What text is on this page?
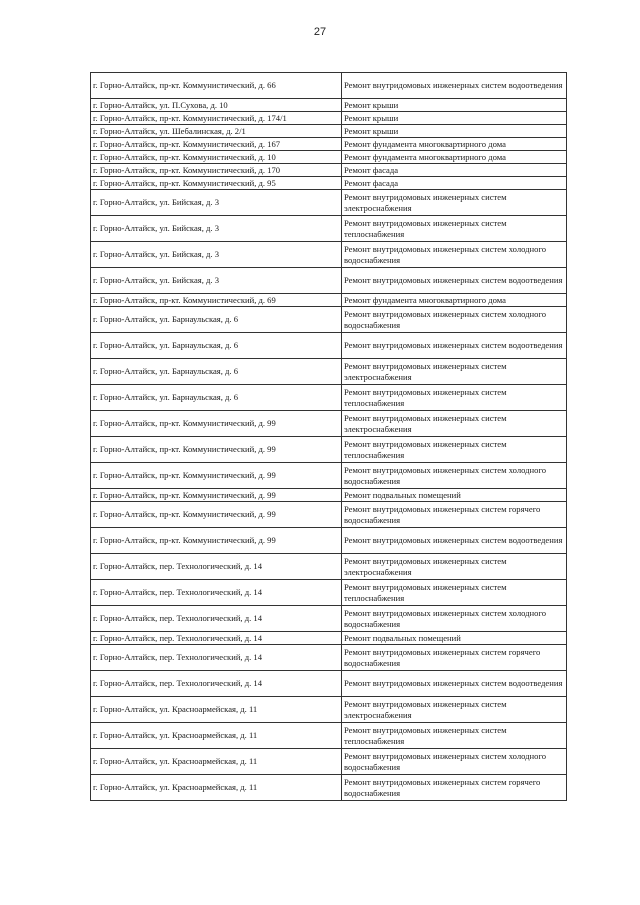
27
г. Горно-Алтайск, пр-кт. Коммунистический, д. 66	Ремонт внутридомовых инженерных систем водоотведения
г. Горно-Алтайск, ул. П.Сухова, д. 10	Ремонт крыши
г. Горно-Алтайск, пр-кт. Коммунистический, д. 174/1	Ремонт крыши
г. Горно-Алтайск, ул. Шебалинская, д. 2/1	Ремонт крыши
г. Горно-Алтайск, пр-кт. Коммунистический, д. 167	Ремонт фундамента многоквартирного дома
г. Горно-Алтайск, пр-кт. Коммунистический, д. 10	Ремонт фундамента многоквартирного дома
г. Горно-Алтайск, пр-кт. Коммунистический, д. 170	Ремонт фасада
г. Горно-Алтайск, пр-кт. Коммунистический, д. 95	Ремонт фасада
г. Горно-Алтайск, ул. Бийская, д. 3	Ремонт внутридомовых инженерных систем электроснабжения
г. Горно-Алтайск, ул. Бийская, д. 3	Ремонт внутридомовых инженерных систем теплоснабжения
г. Горно-Алтайск, ул. Бийская, д. 3	Ремонт внутридомовых инженерных систем холодного водоснабжения
г. Горно-Алтайск, ул. Бийская, д. 3	Ремонт внутридомовых инженерных систем водоотведения
г. Горно-Алтайск, пр-кт. Коммунистический, д. 69	Ремонт фундамента многоквартирного дома
г. Горно-Алтайск, ул. Барнаульская, д. 6	Ремонт внутридомовых инженерных систем холодного водоснабжения
г. Горно-Алтайск, ул. Барнаульская, д. 6	Ремонт внутридомовых инженерных систем водоотведения
г. Горно-Алтайск, ул. Барнаульская, д. 6	Ремонт внутридомовых инженерных систем электроснабжения
г. Горно-Алтайск, ул. Барнаульская, д. 6	Ремонт внутридомовых инженерных систем теплоснабжения
г. Горно-Алтайск, пр-кт. Коммунистический, д. 99	Ремонт внутридомовых инженерных систем электроснабжения
г. Горно-Алтайск, пр-кт. Коммунистический, д. 99	Ремонт внутридомовых инженерных систем теплоснабжения
г. Горно-Алтайск, пр-кт. Коммунистический, д. 99	Ремонт внутридомовых инженерных систем холодного водоснабжения
г. Горно-Алтайск, пр-кт. Коммунистический, д. 99	Ремонт подвальных помещений
г. Горно-Алтайск, пр-кт. Коммунистический, д. 99	Ремонт внутридомовых инженерных систем горячего водоснабжения
г. Горно-Алтайск, пр-кт. Коммунистический, д. 99	Ремонт внутридомовых инженерных систем водоотведения
г. Горно-Алтайск, пер. Технологический, д. 14	Ремонт внутридомовых инженерных систем электроснабжения
г. Горно-Алтайск, пер. Технологический, д. 14	Ремонт внутридомовых инженерных систем теплоснабжения
г. Горно-Алтайск, пер. Технологический, д. 14	Ремонт внутридомовых инженерных систем холодного водоснабжения
г. Горно-Алтайск, пер. Технологический, д. 14	Ремонт подвальных помещений
г. Горно-Алтайск, пер. Технологический, д. 14	Ремонт внутридомовых инженерных систем горячего водоснабжения
г. Горно-Алтайск, пер. Технологический, д. 14	Ремонт внутридомовых инженерных систем водоотведения
г. Горно-Алтайск, ул. Красноармейская, д. 11	Ремонт внутридомовых инженерных систем электроснабжения
г. Горно-Алтайск, ул. Красноармейская, д. 11	Ремонт внутридомовых инженерных систем теплоснабжения
г. Горно-Алтайск, ул. Красноармейская, д. 11	Ремонт внутридомовых инженерных систем холодного водоснабжения
г. Горно-Алтайск, ул. Красноармейская, д. 11	Ремонт внутридомовых инженерных систем горячего водоснабжения
